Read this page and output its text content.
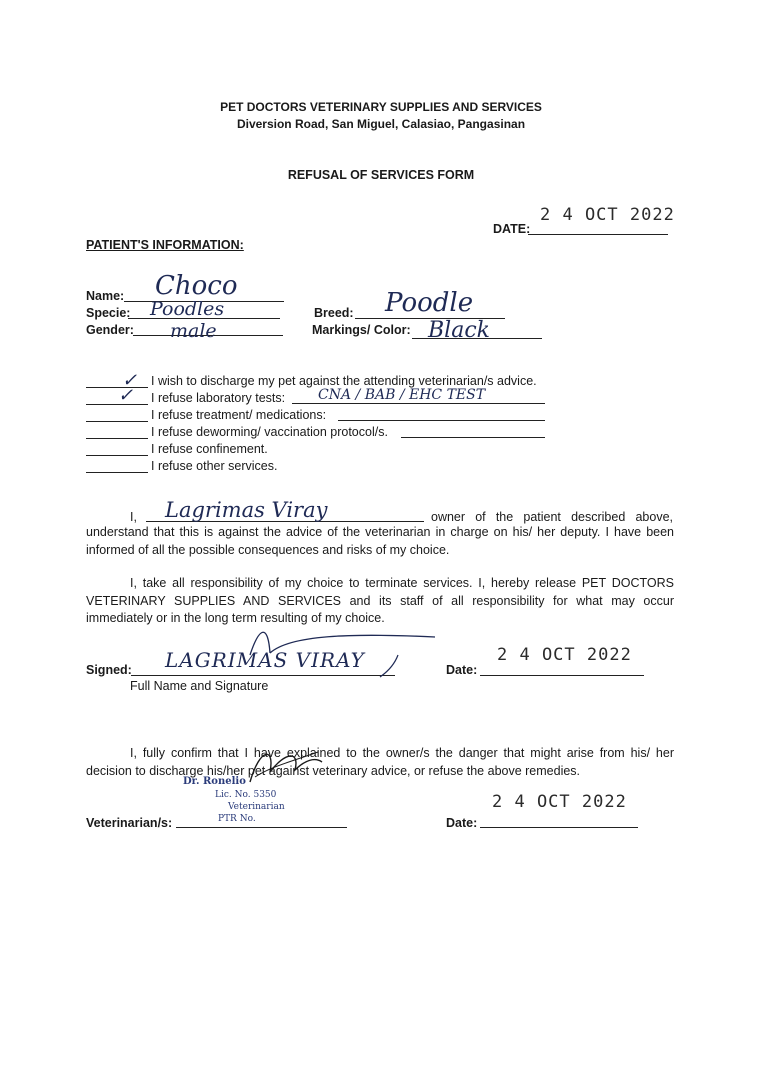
PET DOCTORS VETERINARY SUPPLIES AND SERVICES
Diversion Road, San Miguel, Calasiao, Pangasinan
REFUSAL OF SERVICES FORM
DATE:
2 4 OCT 2022
PATIENT'S INFORMATION:
Name: Choco
Specie: Poodles
Gender: male
Breed: Poodle
Markings/ Color: Black
✓ I wish to discharge my pet against the attending veterinarian/s advice.
✓ I refuse laboratory tests: CNA / BAB / EHC TEST
I refuse treatment/ medications:
I refuse deworming/ vaccination protocol/s.
I refuse confinement.
I refuse other services.
I, Lagrimas Viray	owner of the patient described above,
understand that this is against the advice of the veterinarian in charge on his/ her deputy. I have been informed of all the possible consequences and risks of my choice.
I, take all responsibility of my choice to terminate services. I, hereby release PET DOCTORS VETERINARY SUPPLIES AND SERVICES and its staff of all responsibility for what may occur immediately or in the long term resulting of my choice.
Signed: LAGRIMAS VIRAY
Full Name and Signature
Date:
2 4 OCT 2022
I, fully confirm that I have explained to the owner/s the danger that might arise from his/ her decision to discharge his/her pet against veterinary advice, or refuse the above remedies.
Veterinarian/s:
Dr. Ronelio
Lic. No. 5350
Veterinarian
PTR No.	Date:
2 4 OCT 2022
